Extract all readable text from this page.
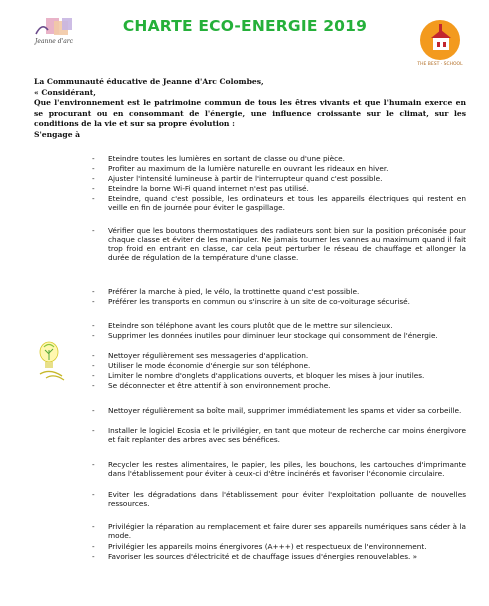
Jeanne d'arc
CHARTE ECO-ENERGIE 2019
THE BEST · SCHOOL

La Communauté éducative de Jeanne d'Arc Colombes,

« Considérant,

Que l'environnement est le patrimoine commun de tous les êtres vivants et que l'humain exerce en se procurant ou en consommant de l'énergie, une influence croissante sur le climat, sur les conditions de la vie et sur sa propre évolution :

S'engage à

- Eteindre toutes les lumières en sortant de classe ou d'une pièce.
- Profiter au maximum de la lumière naturelle en ouvrant les rideaux en hiver.
- Ajuster l'intensité lumineuse à partir de l'interrupteur quand c'est possible.
- Eteindre la borne Wi-Fi quand internet n'est pas utilisé.
- Eteindre, quand c'est possible, les ordinateurs et tous les appareils électriques qui restent en veille en fin de journée pour éviter le gaspillage.
- Vérifier que les boutons thermostatiques des radiateurs sont bien sur la position préconisée pour chaque classe et éviter de les manipuler. Ne jamais tourner les vannes au maximum quand il fait trop froid en entrant en classe, car cela peut perturber le réseau de chauffage et allonger la durée de régulation de la température d'une classe.
- Préférer la marche à pied, le vélo, la trottinette quand c'est possible.
- Préférer les transports en commun ou s'inscrire à un site de co-voiturage sécurisé.
- Eteindre son téléphone avant les cours plutôt que de le mettre sur silencieux.
- Supprimer les données inutiles pour diminuer leur stockage qui consomment de l'énergie.
- Nettoyer régulièrement ses messageries d'application.
- Utiliser le mode économie d'énergie sur son téléphone.
- Limiter le nombre d'onglets d'applications ouverts, et bloquer les mises à jour inutiles.
- Se déconnecter et être attentif à son environnement proche.
- Nettoyer régulièrement sa boîte mail, supprimer immédiatement les spams et vider sa corbeille.
- Installer le logiciel Ecosia et le privilégier, en tant que moteur de recherche car moins énergivore et fait replanter des arbres avec ses bénéfices.
- Recycler les restes alimentaires, le papier, les piles, les bouchons, les cartouches d'imprimante dans l'établissement pour éviter à ceux-ci d'être incinérés et favoriser l'économie circulaire.
- Eviter les dégradations dans l'établissement pour éviter l'exploitation polluante de nouvelles ressources.
- Privilégier la réparation au remplacement et faire durer ses appareils numériques sans céder à la mode.
- Privilégier les appareils moins énergivores (A+++) et respectueux de l'environnement.
- Favoriser les sources d'électricité et de chauffage issues d'énergies renouvelables. »
